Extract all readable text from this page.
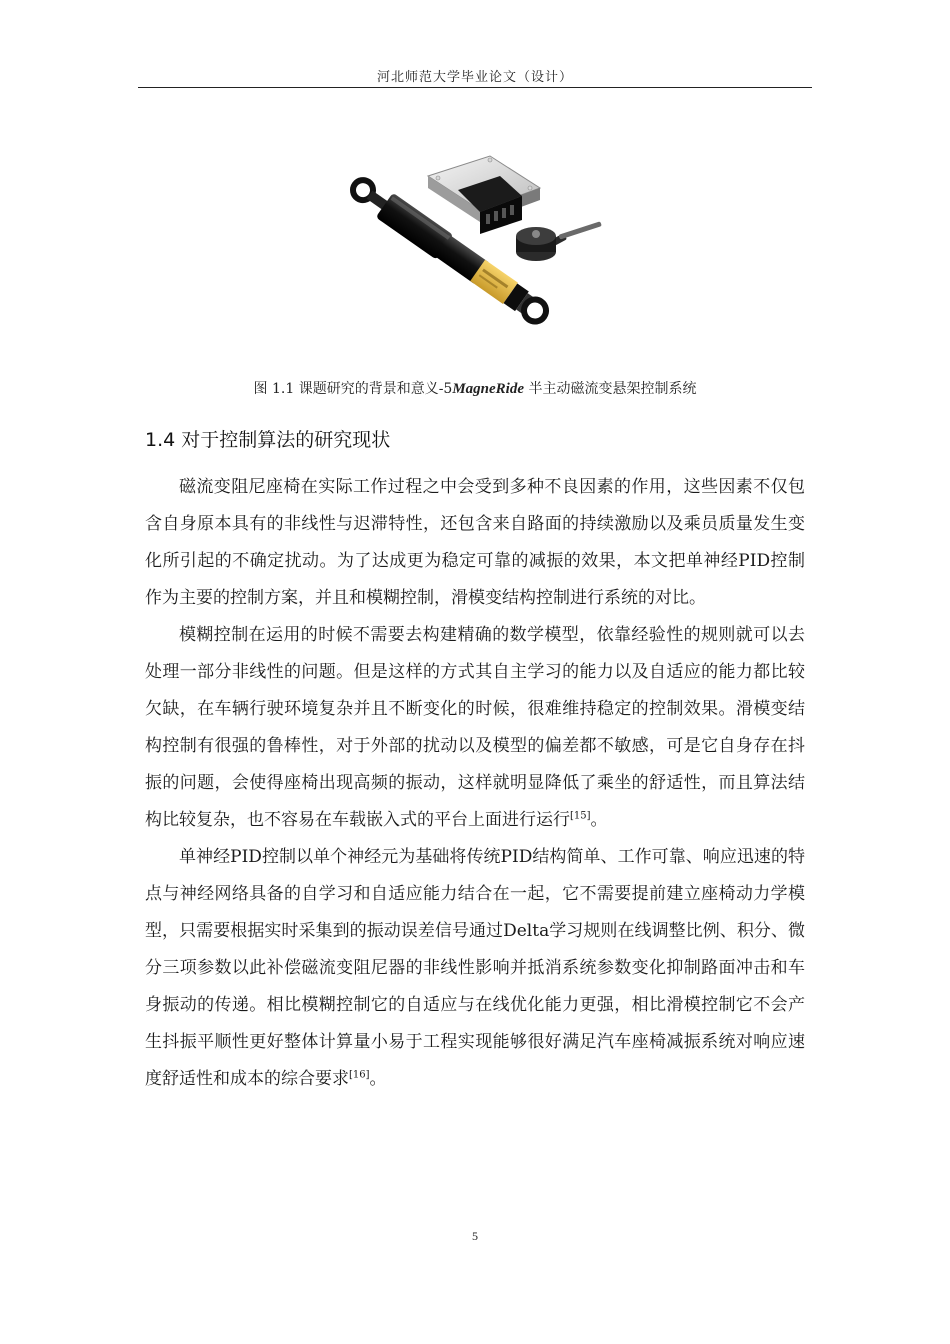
河北师范大学毕业论文（设计）
图 1.1 课题研究的背景和意义-5MagneRide 半主动磁流变悬架控制系统
1.4 对于控制算法的研究现状

磁流变阻尼座椅在实际工作过程之中会受到多种不良因素的作用，这些因素不仅包含自身原本具有的非线性与迟滞特性，还包含来自路面的持续激励以及乘员质量发生变化所引起的不确定扰动。为了达成更为稳定可靠的减振的效果，本文把单神经PID控制作为主要的控制方案，并且和模糊控制，滑模变结构控制进行系统的对比。

模糊控制在运用的时候不需要去构建精确的数学模型，依靠经验性的规则就可以去处理一部分非线性的问题。但是这样的方式其自主学习的能力以及自适应的能力都比较欠缺，在车辆行驶环境复杂并且不断变化的时候，很难维持稳定的控制效果。滑模变结构控制有很强的鲁棒性，对于外部的扰动以及模型的偏差都不敏感，可是它自身存在抖振的问题，会使得座椅出现高频的振动，这样就明显降低了乘坐的舒适性，而且算法结构比较复杂，也不容易在车载嵌入式的平台上面进行运行[15]。

单神经PID控制以单个神经元为基础将传统PID结构简单、工作可靠、响应迅速的特点与神经网络具备的自学习和自适应能力结合在一起，它不需要提前建立座椅动力学模型，只需要根据实时采集到的振动误差信号通过Delta学习规则在线调整比例、积分、微分三项参数以此补偿磁流变阻尼器的非线性影响并抵消系统参数变化抑制路面冲击和车身振动的传递。相比模糊控制它的自适应与在线优化能力更强，相比滑模控制它不会产生抖振平顺性更好整体计算量小易于工程实现能够很好满足汽车座椅减振系统对响应速度舒适性和成本的综合要求[16]。

5
